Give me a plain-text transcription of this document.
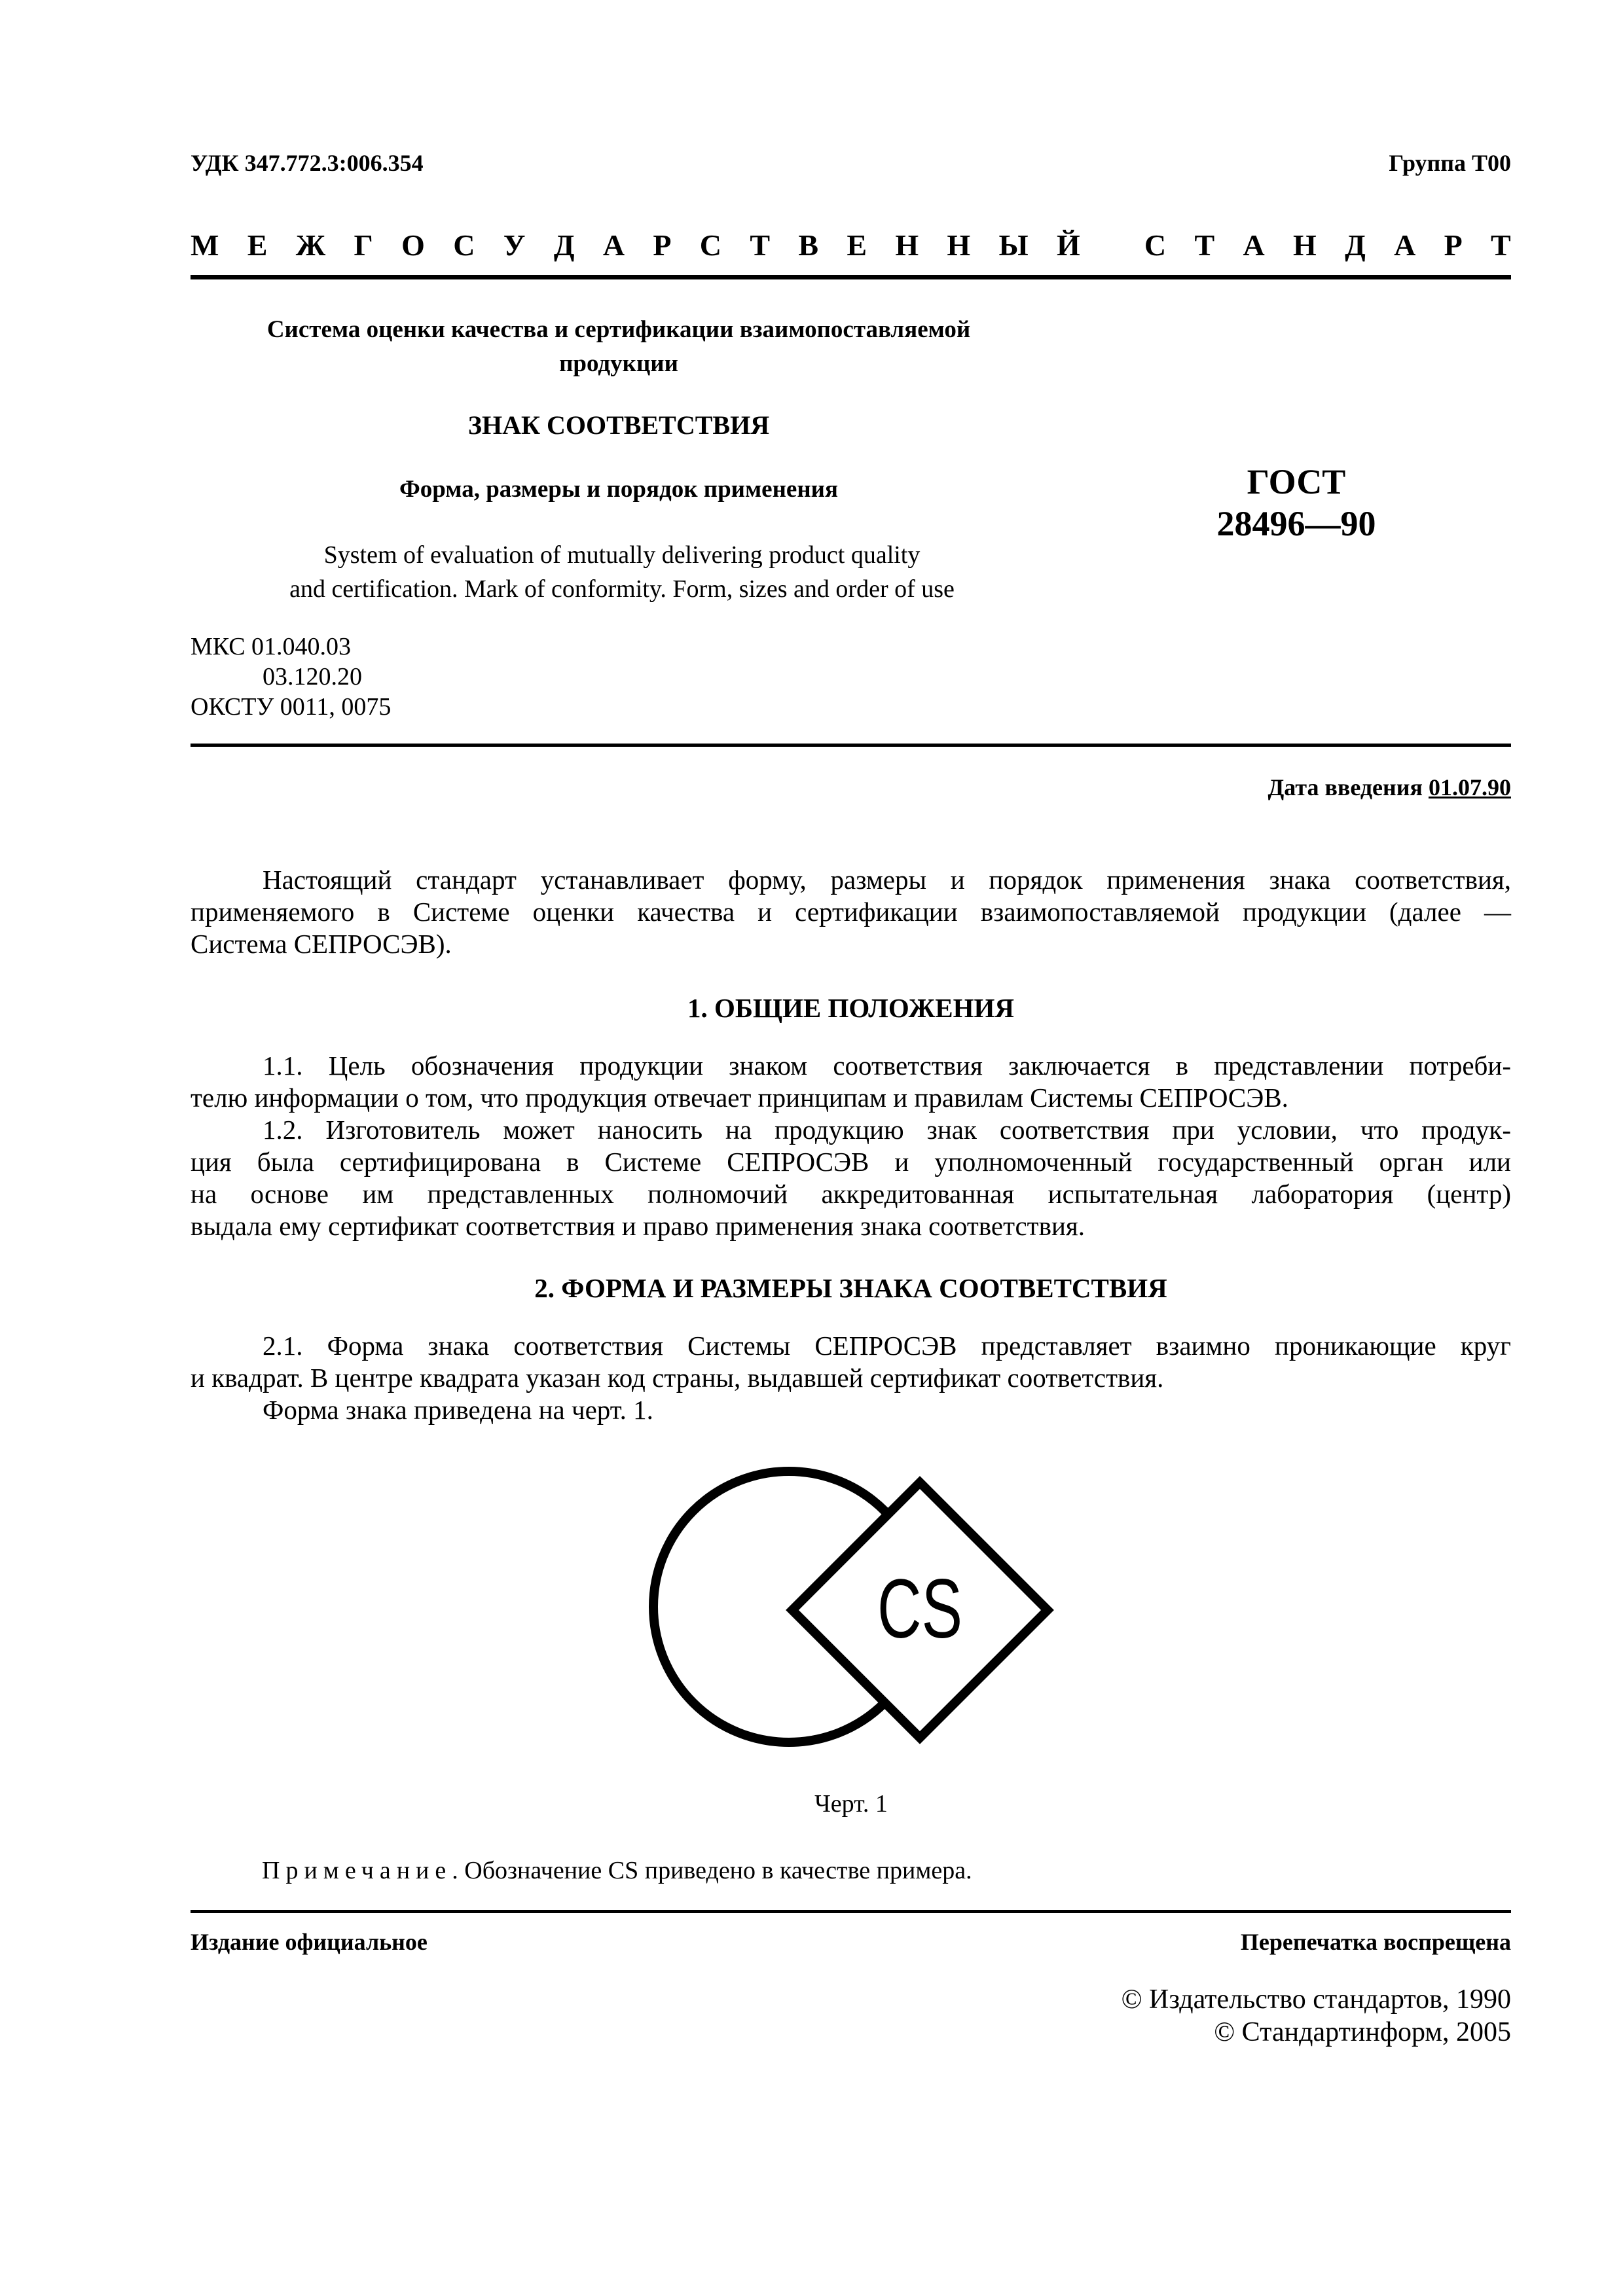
УДК 347.772.3:006.354	Группа Т00
М Е Ж Г О С У Д А Р С Т В Е Н Н Ы Й
С Т А Н Д А Р Т
Система оценки качества и сертификации взаимопоставляемой
продукции
ЗНАК СООТВЕТСТВИЯ
Форма, размеры и порядок применения
System of evaluation of mutually delivering product quality
and certification. Mark of conformity. Form, sizes and order of use
ГОСТ
28496—90
МКС 01.040.03
03.120.20
ОКСТУ 0011, 0075
Дата введения 01.07.90
Настоящий стандарт устанавливает форму, размеры и порядок применения знака соответствия,
применяемого в Системе оценки качества и сертификации взаимопоставляемой продукции (далее —
Система СЕПРОСЭВ).
1. ОБЩИЕ ПОЛОЖЕНИЯ
1.1. Цель обозначения продукции знаком соответствия заключается в представлении потреби-
телю информации о том, что продукция отвечает принципам и правилам Системы СЕПРОСЭВ.
1.2. Изготовитель может наносить на продукцию знак соответствия при условии, что продук-
ция была сертифицирована в Системе СЕПРОСЭВ и уполномоченный государственный орган или
на основе им представленных полномочий аккредитованная испытательная лаборатория (центр)
выдала ему сертификат соответствия и право применения знака соответствия.
2. ФОРМА И РАЗМЕРЫ ЗНАКА СООТВЕТСТВИЯ
2.1. Форма знака соответствия Системы СЕПРОСЭВ представляет взаимно проникающие круг
и квадрат. В центре квадрата указан код страны, выдавшей сертификат соответствия.
Форма знака приведена на черт. 1.
CS
Черт. 1
Примечание. Обозначение CS приведено в качестве примера.
Издание официальное	Перепечатка воспрещена
© Издательство стандартов, 1990
© Стандартинформ, 2005
